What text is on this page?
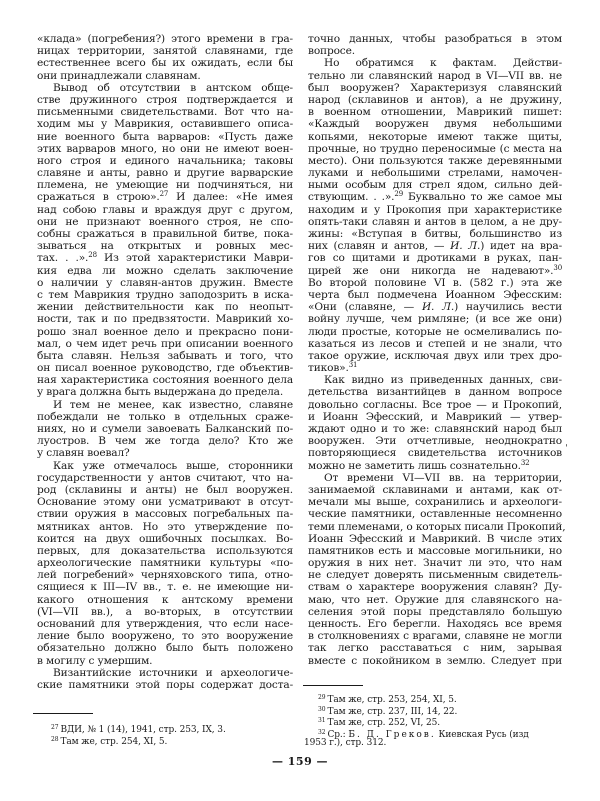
«клада» (погребения?) этого времени в гра-
ницах территории, занятой славянами, где
естественнее всего бы их ожидать, если бы
они принадлежали славянам.
Вывод об отсутствии в антском обще-
стве дружинного строя подтверждается и
письменными свидетельствами. Вот что на-
ходим мы у Маврикия, оставившего описа-
ние военного быта варваров: «Пусть даже
этих варваров много, но они не имеют воен-
ного строя и единого начальника; таковы
славяне и анты, равно и другие варварские
племена, не умеющие ни подчиняться, ни
сражаться в строю».$^{27}$ И далее: «Не имея
над собою главы и враждуя друг с другом,
они не признают военного строя, не спо-
собны сражаться в правильной битве, пока-
зываться на открытых и ровных мес-
тах. . .».$^{28}$ Из этой характеристики Маври-
кия едва ли можно сделать заключение
о наличии у славян-антов дружин. Вместе
с тем Маврикия трудно заподозрить в иска-
жении действительности как по неопыт-
ности, так и по предвзятости. Маврикий хо-
рошо знал военное дело и прекрасно пони-
мал, о чем идет речь при описании военного
быта славян. Нельзя забывать и того, что
он писал военное руководство, где объектив-
ная характеристика состояния военного дела
у врага должна быть выдержана до предела.
И тем не менее, как известно, славяне
побеждали не только в отдельных сраже-
ниях, но и сумели завоевать Балканский по-
луостров. В чем же тогда дело? Кто же
у славян воевал?
Как уже отмечалось выше, сторонники
государственности у антов считают, что на-
род (склавины и анты) не был вооружен.
Основание этому они усматривают в отсут-
ствии оружия в массовых погребальных па-
мятниках антов. Но это утверждение по-
коится на двух ошибочных посылках. Во-
первых, для доказательства используются
археологические памятники культуры «по-
лей погребений» черняховского типа, отно-
сящиеся к III—IV вв., т. е. не имеющие ни-
какого отношения к антскому времени
(VI—VII вв.), а во-вторых, в отсутствии
оснований для утверждения, что если насе-
ление было вооружено, то это вооружение
обязательно должно было быть положено
в могилу с умершим.
Византийские источники и археологиче-
ские памятники этой поры содержат доста-
точно данных, чтобы разобраться в этом
вопросе.
Но обратимся к фактам. Действи-
тельно ли славянский народ в VI—VII вв. не
был вооружен? Характеризуя славянский
народ (склавинов и антов), а не дружину,
в военном отношении, Маврикий пишет:
«Каждый вооружен двумя небольшими
копьями, некоторые имеют также щиты,
прочные, но трудно переносимые (с места на
место). Они пользуются также деревянными
луками и небольшими стрелами, намочен-
ными особым для стрел ядом, сильно дей-
ствующим. . .».$^{29}$ Буквально то же самое мы
находим и у Прокопия при характеристике
опять-таки славян и антов в целом, а не дру-
жины: «Вступая в битвы, большинство из
них (славян и антов, — И. Л.) идет на вра-
гов со щитами и дротиками в руках, пан-
цирей же они никогда не надевают».$^{30}$
Во второй половине VI в. (582 г.) эта же
черта был подмечена Иоанном Эфесским:
«Они (славяне, — И. Л.) научились вести
войну лучше, чем римляне; (и все же они)
люди простые, которые не осмеливались по-
казаться из лесов и степей и не знали, что
такое оружие, исключая двух или трех дро-
тиков».$^{31}$
Как видно из приведенных данных, сви-
детельства византийцев в данном вопросе
довольно согласны. Все трое — и Прокопий,
и Иоанн Эфесский, и Маврикий — утвер-
ждают одно и то же: славянский народ был
вооружен. Эти отчетливые, неоднократно
повторяющиеся свидетельства источников
можно не заметить лишь сознательно.$^{32}$
От времени VI—VII вв. на территории,
занимаемой склавинами и антами, как от-
мечали мы выше, сохранились и археологи-
ческие памятники, оставленные несомненно
теми племенами, о которых писали Прокопий,
Иоанн Эфесский и Маврикий. В числе этих
памятников есть и массовые могильники, но
оружия в них нет. Значит ли это, что нам
не следует доверять письменным свидетель-
ствам о характере вооружения славян? Ду-
маю, что нет. Оружие для славянского на-
селения этой поры представляло большую
ценность. Его берегли. Находясь все время
в столкновениях с врагами, славяне не могли
так легко расставаться с ним, зарывая
вместе с покойником в землю. Следует при
ˌ
$^{27}$ ВДИ, № 1 (14), 1941, стр. 253, IX, 3.
$^{28}$ Там же, стр. 254, XI, 5.
$^{29}$ Там же, стр. 253, 254, XI, 5.
$^{30}$ Там же, стр. 237, III, 14, 22.
$^{31}$ Там же, стр. 252, VI, 25.
$^{32}$ Ср.: Б. Д. Греков. Киевская Русь (изд
1953 г.), стр. 312.
— 159 —
